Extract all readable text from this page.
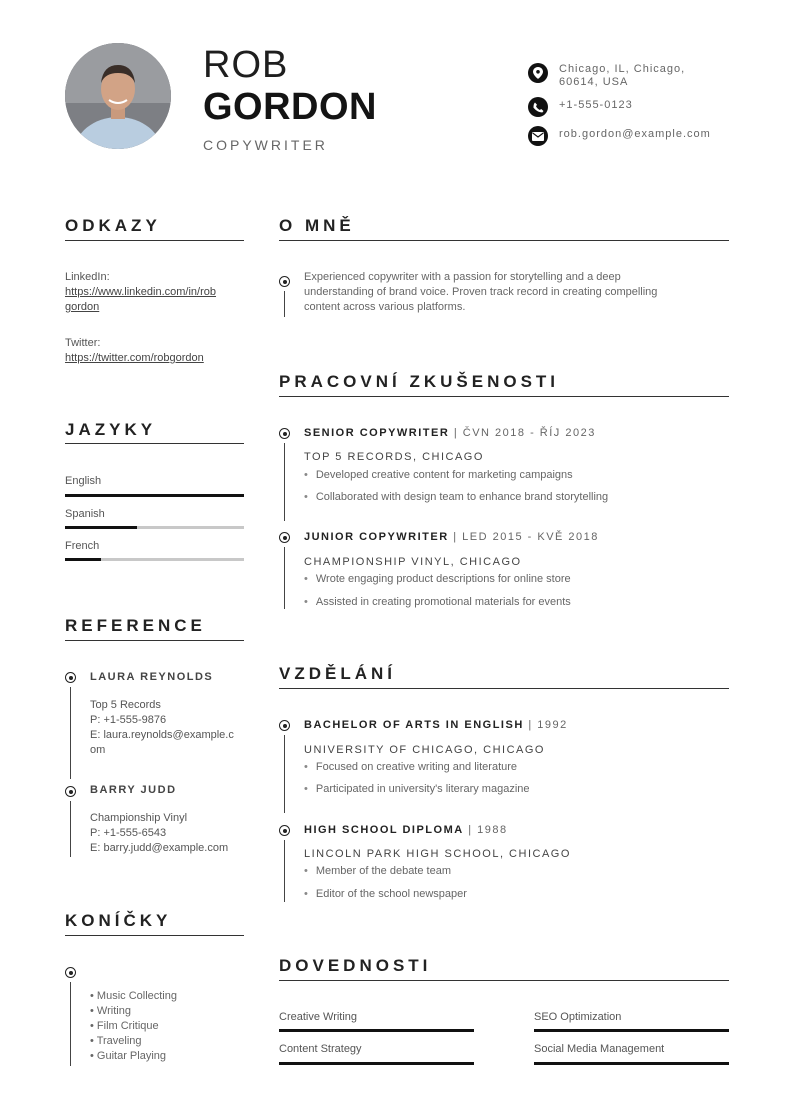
ROB
GORDON
COPYWRITER
Chicago, IL, Chicago,
60614, USA
+1-555-0123
rob.gordon@example.com
ODKAZY
LinkedIn:
https://www.linkedin.com/in/rob
gordon
Twitter:
https://twitter.com/robgordon
JAZYKY
English
Spanish
French
REFERENCE
LAURA REYNOLDS
Top 5 Records
P: +1-555-9876
E: laura.reynolds@example.c
om
BARRY JUDD
Championship Vinyl
P: +1-555-6543
E: barry.judd@example.com
KONÍČKY
• Music Collecting
• Writing
• Film Critique
• Traveling
• Guitar Playing
O MNĚ
Experienced copywriter with a passion for storytelling and a deep
understanding of brand voice. Proven track record in creating compelling
content across various platforms.
PRACOVNÍ ZKUŠENOSTI
SENIOR COPYWRITER | ČVN 2018 - ŘÍJ 2023
TOP 5 RECORDS, CHICAGO
• Developed creative content for marketing campaigns
• Collaborated with design team to enhance brand storytelling
JUNIOR COPYWRITER | LED 2015 - KVĚ 2018
CHAMPIONSHIP VINYL, CHICAGO
• Wrote engaging product descriptions for online store
• Assisted in creating promotional materials for events
VZDĚLÁNÍ
BACHELOR OF ARTS IN ENGLISH | 1992
UNIVERSITY OF CHICAGO, CHICAGO
• Focused on creative writing and literature
• Participated in university's literary magazine
HIGH SCHOOL DIPLOMA | 1988
LINCOLN PARK HIGH SCHOOL, CHICAGO
• Member of the debate team
• Editor of the school newspaper
DOVEDNOSTI
Creative Writing	SEO Optimization
Content Strategy	Social Media Management
